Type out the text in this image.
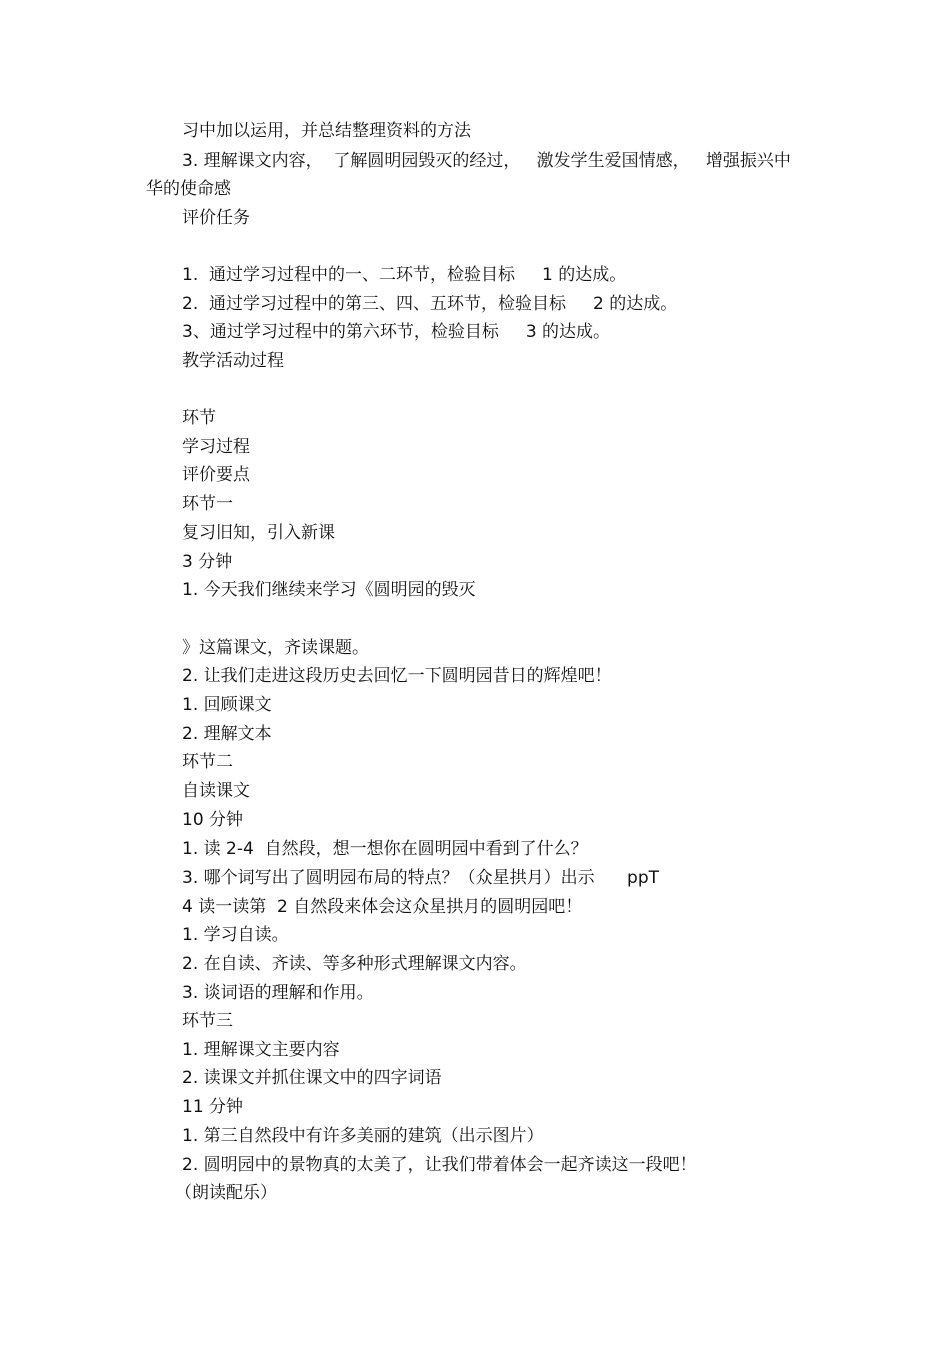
习中加以运用，并总结整理资料的方法
3. 理解课文内容，  了解圆明园毁灭的经过，   激发学生爱国情感，   增强振兴中
华的使命感
评价任务
1.  通过学习过程中的一、二环节，检验目标     1 的达成。
2.  通过学习过程中的第三、四、五环节，检验目标     2 的达成。
3、通过学习过程中的第六环节，检验目标     3 的达成。
教学活动过程
环节
学习过程
评价要点
环节一
复习旧知，引入新课
3 分钟
1. 今天我们继续来学习《圆明园的毁灭
》这篇课文，齐读课题。
2. 让我们走进这段历史去回忆一下圆明园昔日的辉煌吧！
1. 回顾课文
2. 理解文本
环节二
自读课文
10 分钟
1. 读 2-4  自然段，想一想你在圆明园中看到了什么？
3. 哪个词写出了圆明园布局的特点？（众星拱月）出示      ppT
4 读一读第  2 自然段来体会这众星拱月的圆明园吧！
1. 学习自读。
2. 在自读、齐读、等多种形式理解课文内容。
3. 谈词语的理解和作用。
环节三
1. 理解课文主要内容
2. 读课文并抓住课文中的四字词语
11 分钟
1. 第三自然段中有许多美丽的建筑（出示图片）
2. 圆明园中的景物真的太美了，让我们带着体会一起齐读这一段吧！
（朗读配乐）
